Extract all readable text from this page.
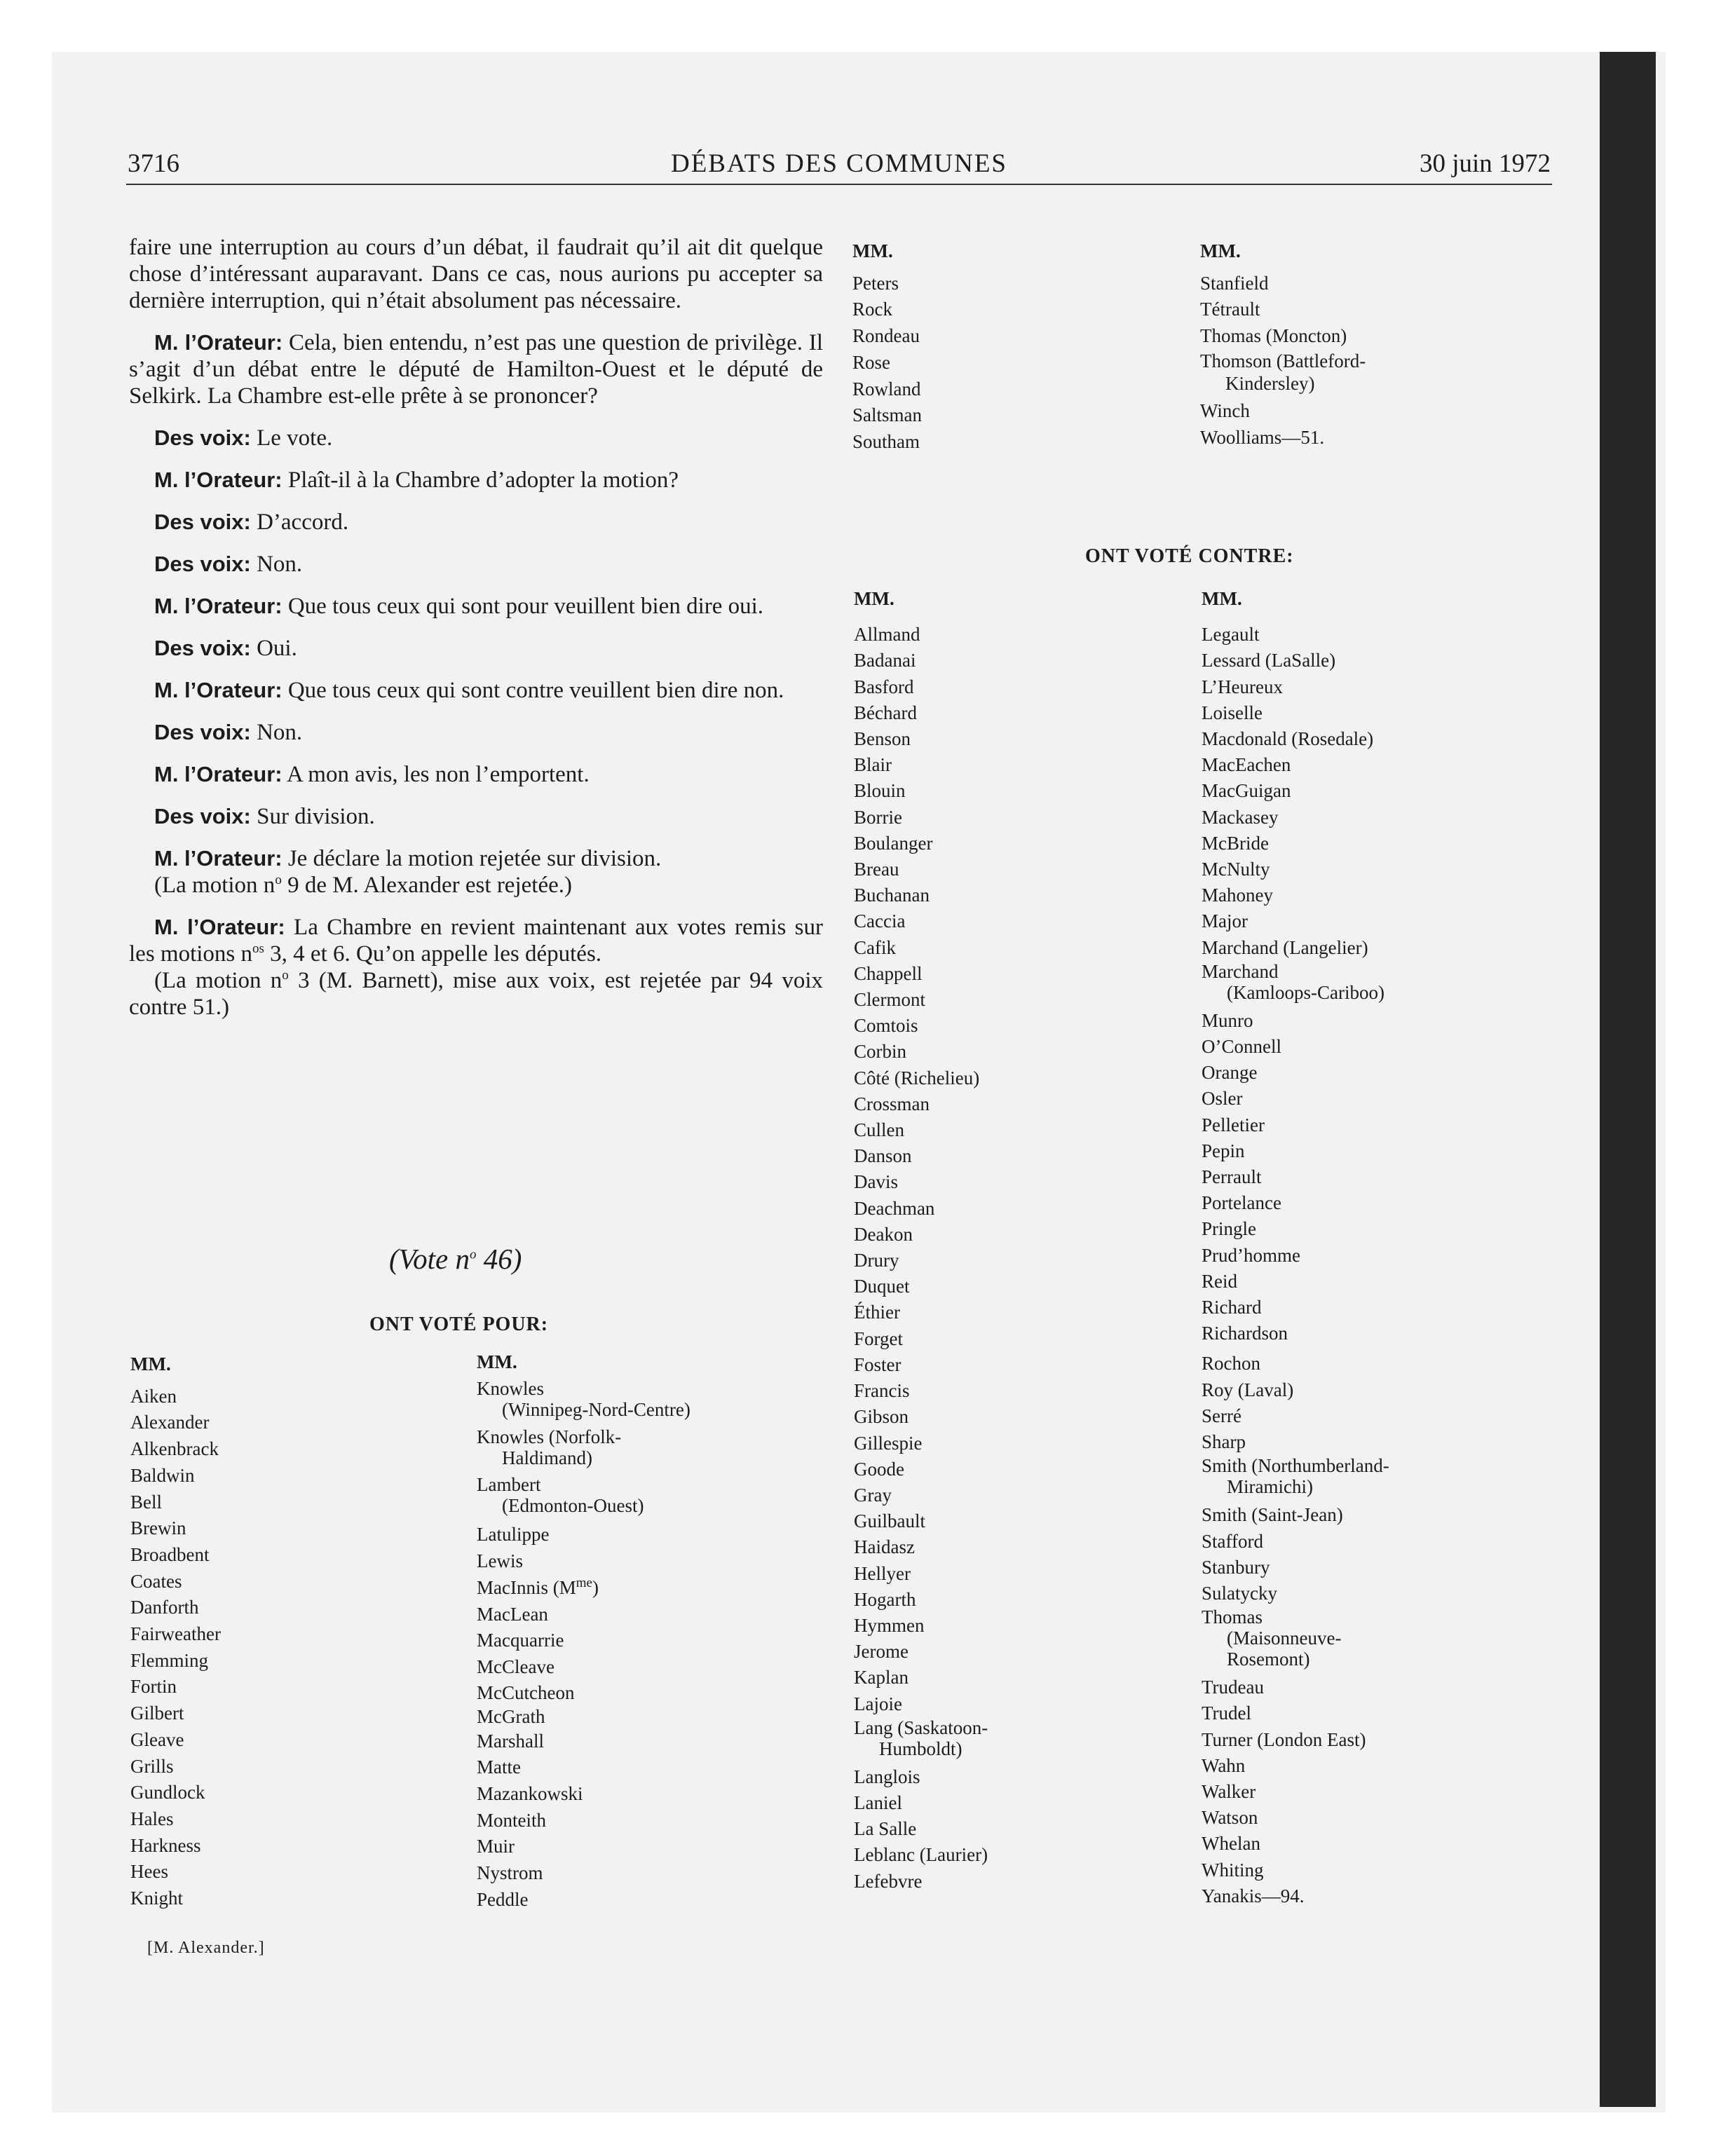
3716	DÉBATS DES COMMUNES	30 juin 1972

faire une interruption au cours d’un débat, il faudrait qu’il ait dit quelque chose d’intéressant auparavant. Dans ce cas, nous aurions pu accepter sa dernière interruption, qui n’était absolument pas nécessaire.

M. l’Orateur: Cela, bien entendu, n’est pas une question de privilège. Il s’agit d’un débat entre le député de Hamilton-Ouest et le député de Selkirk. La Chambre est-elle prête à se prononcer?

Des voix: Le vote.

M. l’Orateur: Plaît-il à la Chambre d’adopter la motion?

Des voix: D’accord.

Des voix: Non.

M. l’Orateur: Que tous ceux qui sont pour veuillent bien dire oui.

Des voix: Oui.

M. l’Orateur: Que tous ceux qui sont contre veuillent bien dire non.

Des voix: Non.

M. l’Orateur: A mon avis, les non l’emportent.

Des voix: Sur division.

M. l’Orateur: Je déclare la motion rejetée sur division.

(La motion $n^o$ 9 de M. Alexander est rejetée.)

M. l’Orateur: La Chambre en revient maintenant aux votes remis sur les motions $n^{os}$ 3, 4 et 6. Qu’on appelle les députés.

(La motion $n^o$ 3 (M. Barnett), mise aux voix, est rejetée par 94 voix contre 51.)

(Vote $n^o$ 46)
ONT VOTÉ POUR:
ONT VOTÉ CONTRE:
MM.
Aiken
Alexander
Alkenbrack
Baldwin
Bell
Brewin
Broadbent
Coates
Danforth
Fairweather
Flemming
Fortin
Gilbert
Gleave
Grills
Gundlock
Hales
Harkness
Hees
Knight
MM.
Knowles
(Winnipeg-Nord-Centre)
Knowles (Norfolk-
Haldimand)
Lambert
(Edmonton-Ouest)
Latulippe
Lewis
MacInnis $(M^{me})$
MacLean
Macquarrie
McCleave
McCutcheon
McGrath
Marshall
Matte
Mazankowski
Monteith
Muir
Nystrom
Peddle
MM.
Peters
Rock
Rondeau
Rose
Rowland
Saltsman
Southam
MM.
Stanfield
Tétrault
Thomas (Moncton)
Thomson (Battleford-
Kindersley)
Winch
Woolliams—51.
MM.
Allmand
Badanai
Basford
Béchard
Benson
Blair
Blouin
Borrie
Boulanger
Breau
Buchanan
Caccia
Cafik
Chappell
Clermont
Comtois
Corbin
Côté (Richelieu)
Crossman
Cullen
Danson
Davis
Deachman
Deakon
Drury
Duquet
Éthier
Forget
Foster
Francis
Gibson
Gillespie
Goode
Gray
Guilbault
Haidasz
Hellyer
Hogarth
Hymmen
Jerome
Kaplan
Lajoie
Lang (Saskatoon-
Humboldt)
Langlois
Laniel
La Salle
Leblanc (Laurier)
Lefebvre
MM.
Legault
Lessard (LaSalle)
L’Heureux
Loiselle
Macdonald (Rosedale)
MacEachen
MacGuigan
Mackasey
McBride
McNulty
Mahoney
Major
Marchand (Langelier)
Marchand
(Kamloops-Cariboo)
Munro
O’Connell
Orange
Osler
Pelletier
Pepin
Perrault
Portelance
Pringle
Prud’homme
Reid
Richard
Richardson
Rochon
Roy (Laval)
Serré
Sharp
Smith (Northumberland-
Miramichi)
Smith (Saint-Jean)
Stafford
Stanbury
Sulatycky
Thomas
(Maisonneuve-
Rosemont)
Trudeau
Trudel
Turner (London East)
Wahn
Walker
Watson
Whelan
Whiting
Yanakis—94.
[M. Alexander.]
